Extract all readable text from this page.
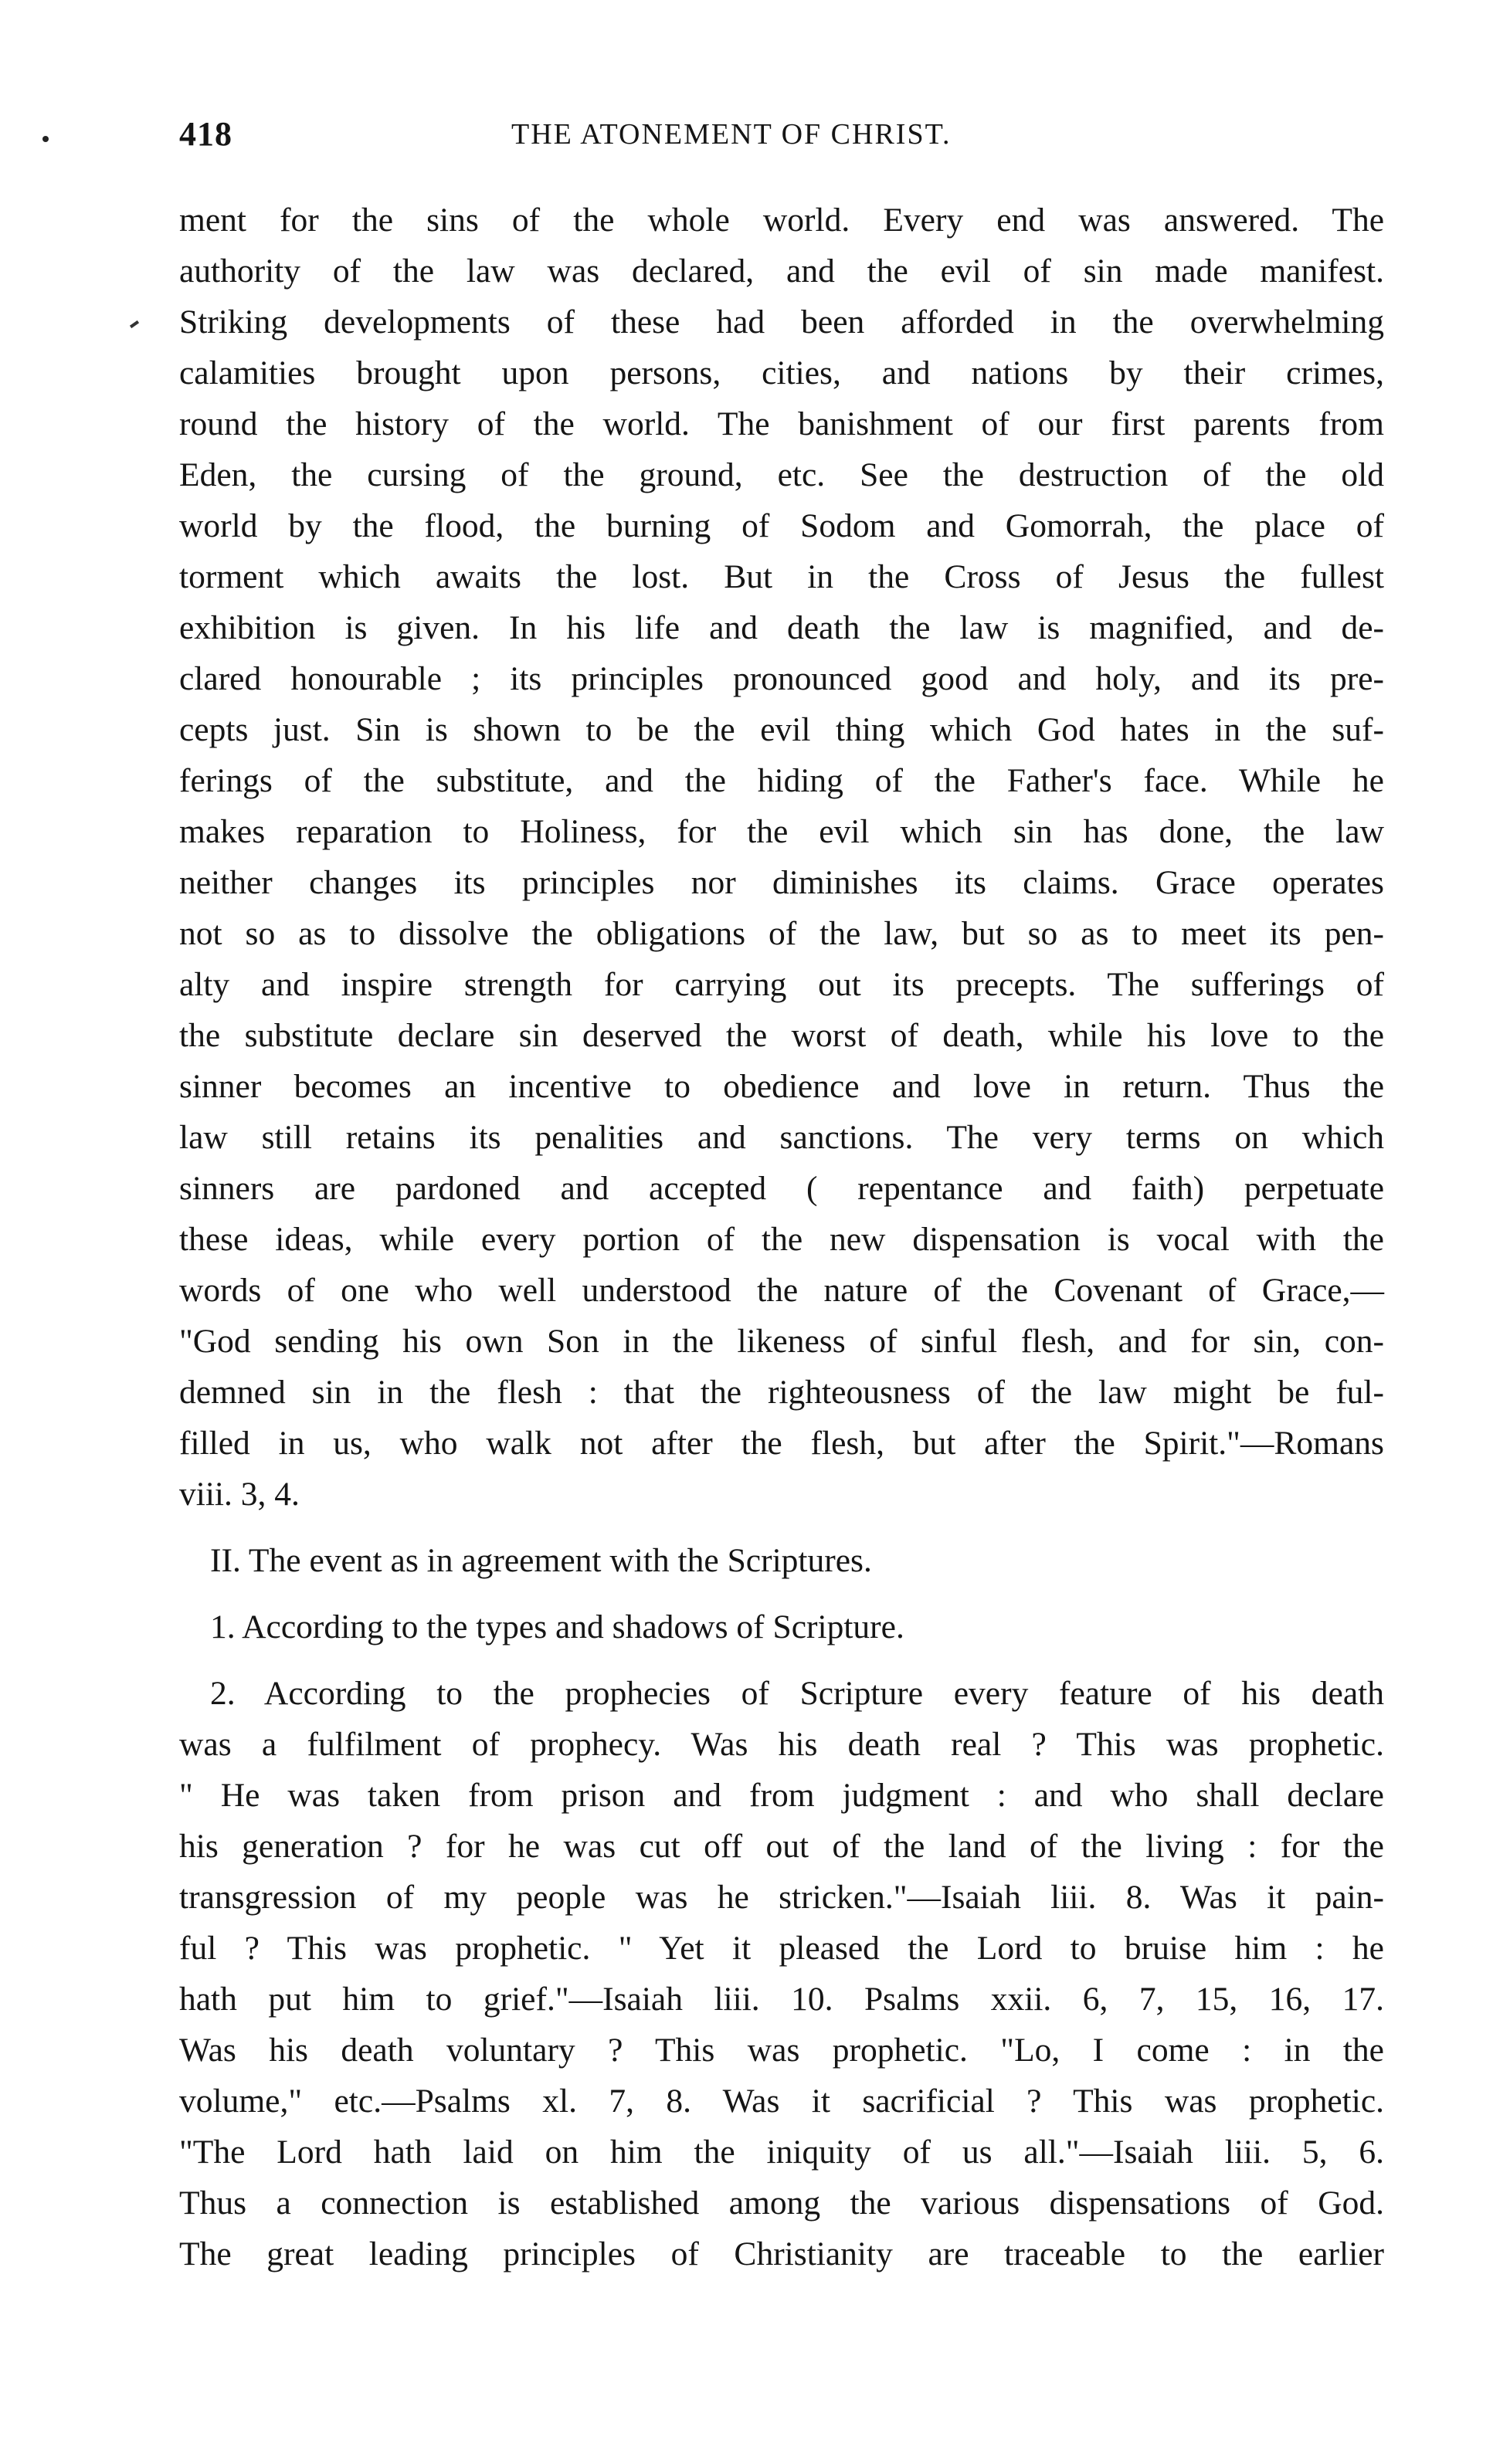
418	THE ATONEMENT OF CHRIST.
ment for the sins of the whole world. Every end was answered. The
authority of the law was declared, and the evil of sin made manifest.
Striking developments of these had been afforded in the overwhelming
calamities brought upon persons, cities, and nations by their crimes,
round the history of the world. The banishment of our first parents from
Eden, the cursing of the ground, etc. See the destruction of the old
world by the flood, the burning of Sodom and Gomorrah, the place of
torment which awaits the lost. But in the Cross of Jesus the fullest
exhibition is given. In his life and death the law is magnified, and de-
clared honourable ; its principles pronounced good and holy, and its pre-
cepts just. Sin is shown to be the evil thing which God hates in the suf-
ferings of the substitute, and the hiding of the Father's face. While he
makes reparation to Holiness, for the evil which sin has done, the law
neither changes its principles nor diminishes its claims. Grace operates
not so as to dissolve the obligations of the law, but so as to meet its pen-
alty and inspire strength for carrying out its precepts. The sufferings of
the substitute declare sin deserved the worst of death, while his love to the
sinner becomes an incentive to obedience and love in return. Thus the
law still retains its penalities and sanctions. The very terms on which
sinners are pardoned and accepted ( repentance and faith) perpetuate
these ideas, while every portion of the new dispensation is vocal with the
words of one who well understood the nature of the Covenant of Grace,—
"God sending his own Son in the likeness of sinful flesh, and for sin, con-
demned sin in the flesh : that the righteousness of the law might be ful-
filled in us, who walk not after the flesh, but after the Spirit."—Romans
viii. 3, 4.
II. The event as in agreement with the Scriptures.
1. According to the types and shadows of Scripture.
2. According to the prophecies of Scripture every feature of his death
was a fulfilment of prophecy. Was his death real ? This was prophetic.
" He was taken from prison and from judgment : and who shall declare
his generation ? for he was cut off out of the land of the living : for the
transgression of my people was he stricken."—Isaiah liii. 8. Was it pain-
ful ? This was prophetic. " Yet it pleased the Lord to bruise him : he
hath put him to grief."—Isaiah liii. 10. Psalms xxii. 6, 7, 15, 16, 17.
Was his death voluntary ? This was prophetic. "Lo, I come : in the
volume," etc.—Psalms xl. 7, 8. Was it sacrificial ? This was prophetic.
"The Lord hath laid on him the iniquity of us all."—Isaiah liii. 5, 6.
Thus a connection is established among the various dispensations of God.
The great leading principles of Christianity are traceable to the earlier
